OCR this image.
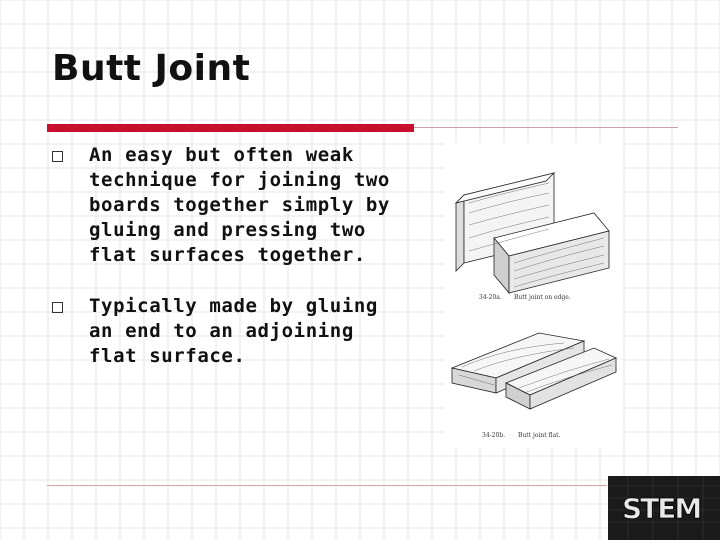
Butt Joint
An easy but often weak technique for joining two boards together simply by gluing and pressing two flat surfaces together.
Typically made by gluing an end to an adjoining flat surface.
34-20a. Butt joint on edge.
34-20b. Butt joint flat.
STEM
